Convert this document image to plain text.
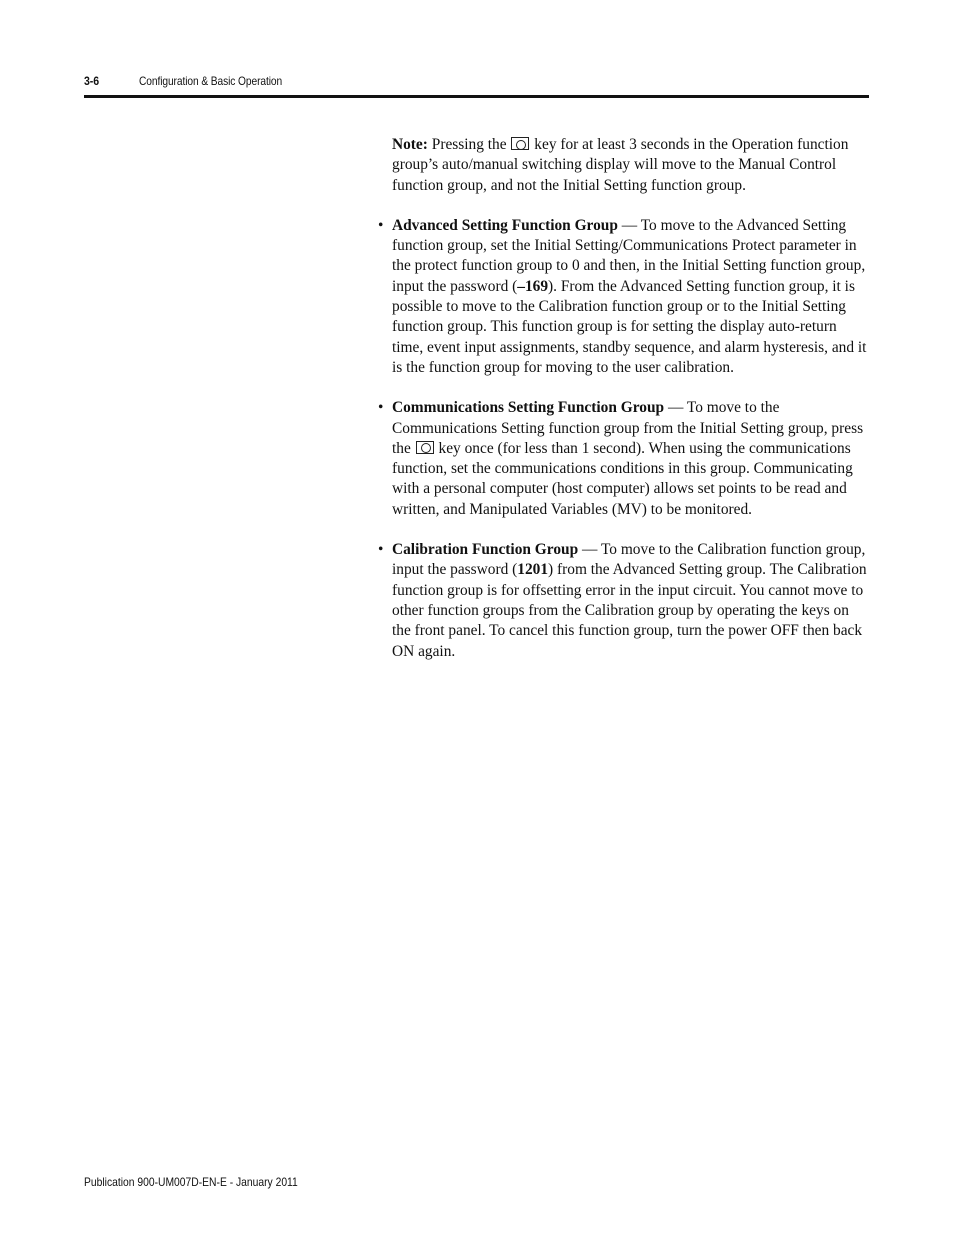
3-6	Configuration & Basic Operation

Note: Pressing the key for at least 3 seconds in the Operation function group’s auto/manual switching display will move to the Manual Control function group, and not the Initial Setting function group.

• Advanced Setting Function Group — To move to the Advanced Setting function group, set the Initial Setting/Communications Protect parameter in the protect function group to 0 and then, in the Initial Setting function group, input the password (–169). From the Advanced Setting function group, it is possible to move to the Calibration function group or to the Initial Setting function group. This function group is for setting the display auto-return time, event input assignments, standby sequence, and alarm hysteresis, and it is the function group for moving to the user calibration.

• Communications Setting Function Group — To move to the Communications Setting function group from the Initial Setting group, press the key once (for less than 1 second). When using the communications function, set the communications conditions in this group. Communicating with a personal computer (host computer) allows set points to be read and written, and Manipulated Variables (MV) to be monitored.

• Calibration Function Group — To move to the Calibration function group, input the password (1201) from the Advanced Setting group. The Calibration function group is for offsetting error in the input circuit. You cannot move to other function groups from the Calibration group by operating the keys on the front panel. To cancel this function group, turn the power OFF then back ON again.

Publication 900-UM007D-EN-E - January 2011
